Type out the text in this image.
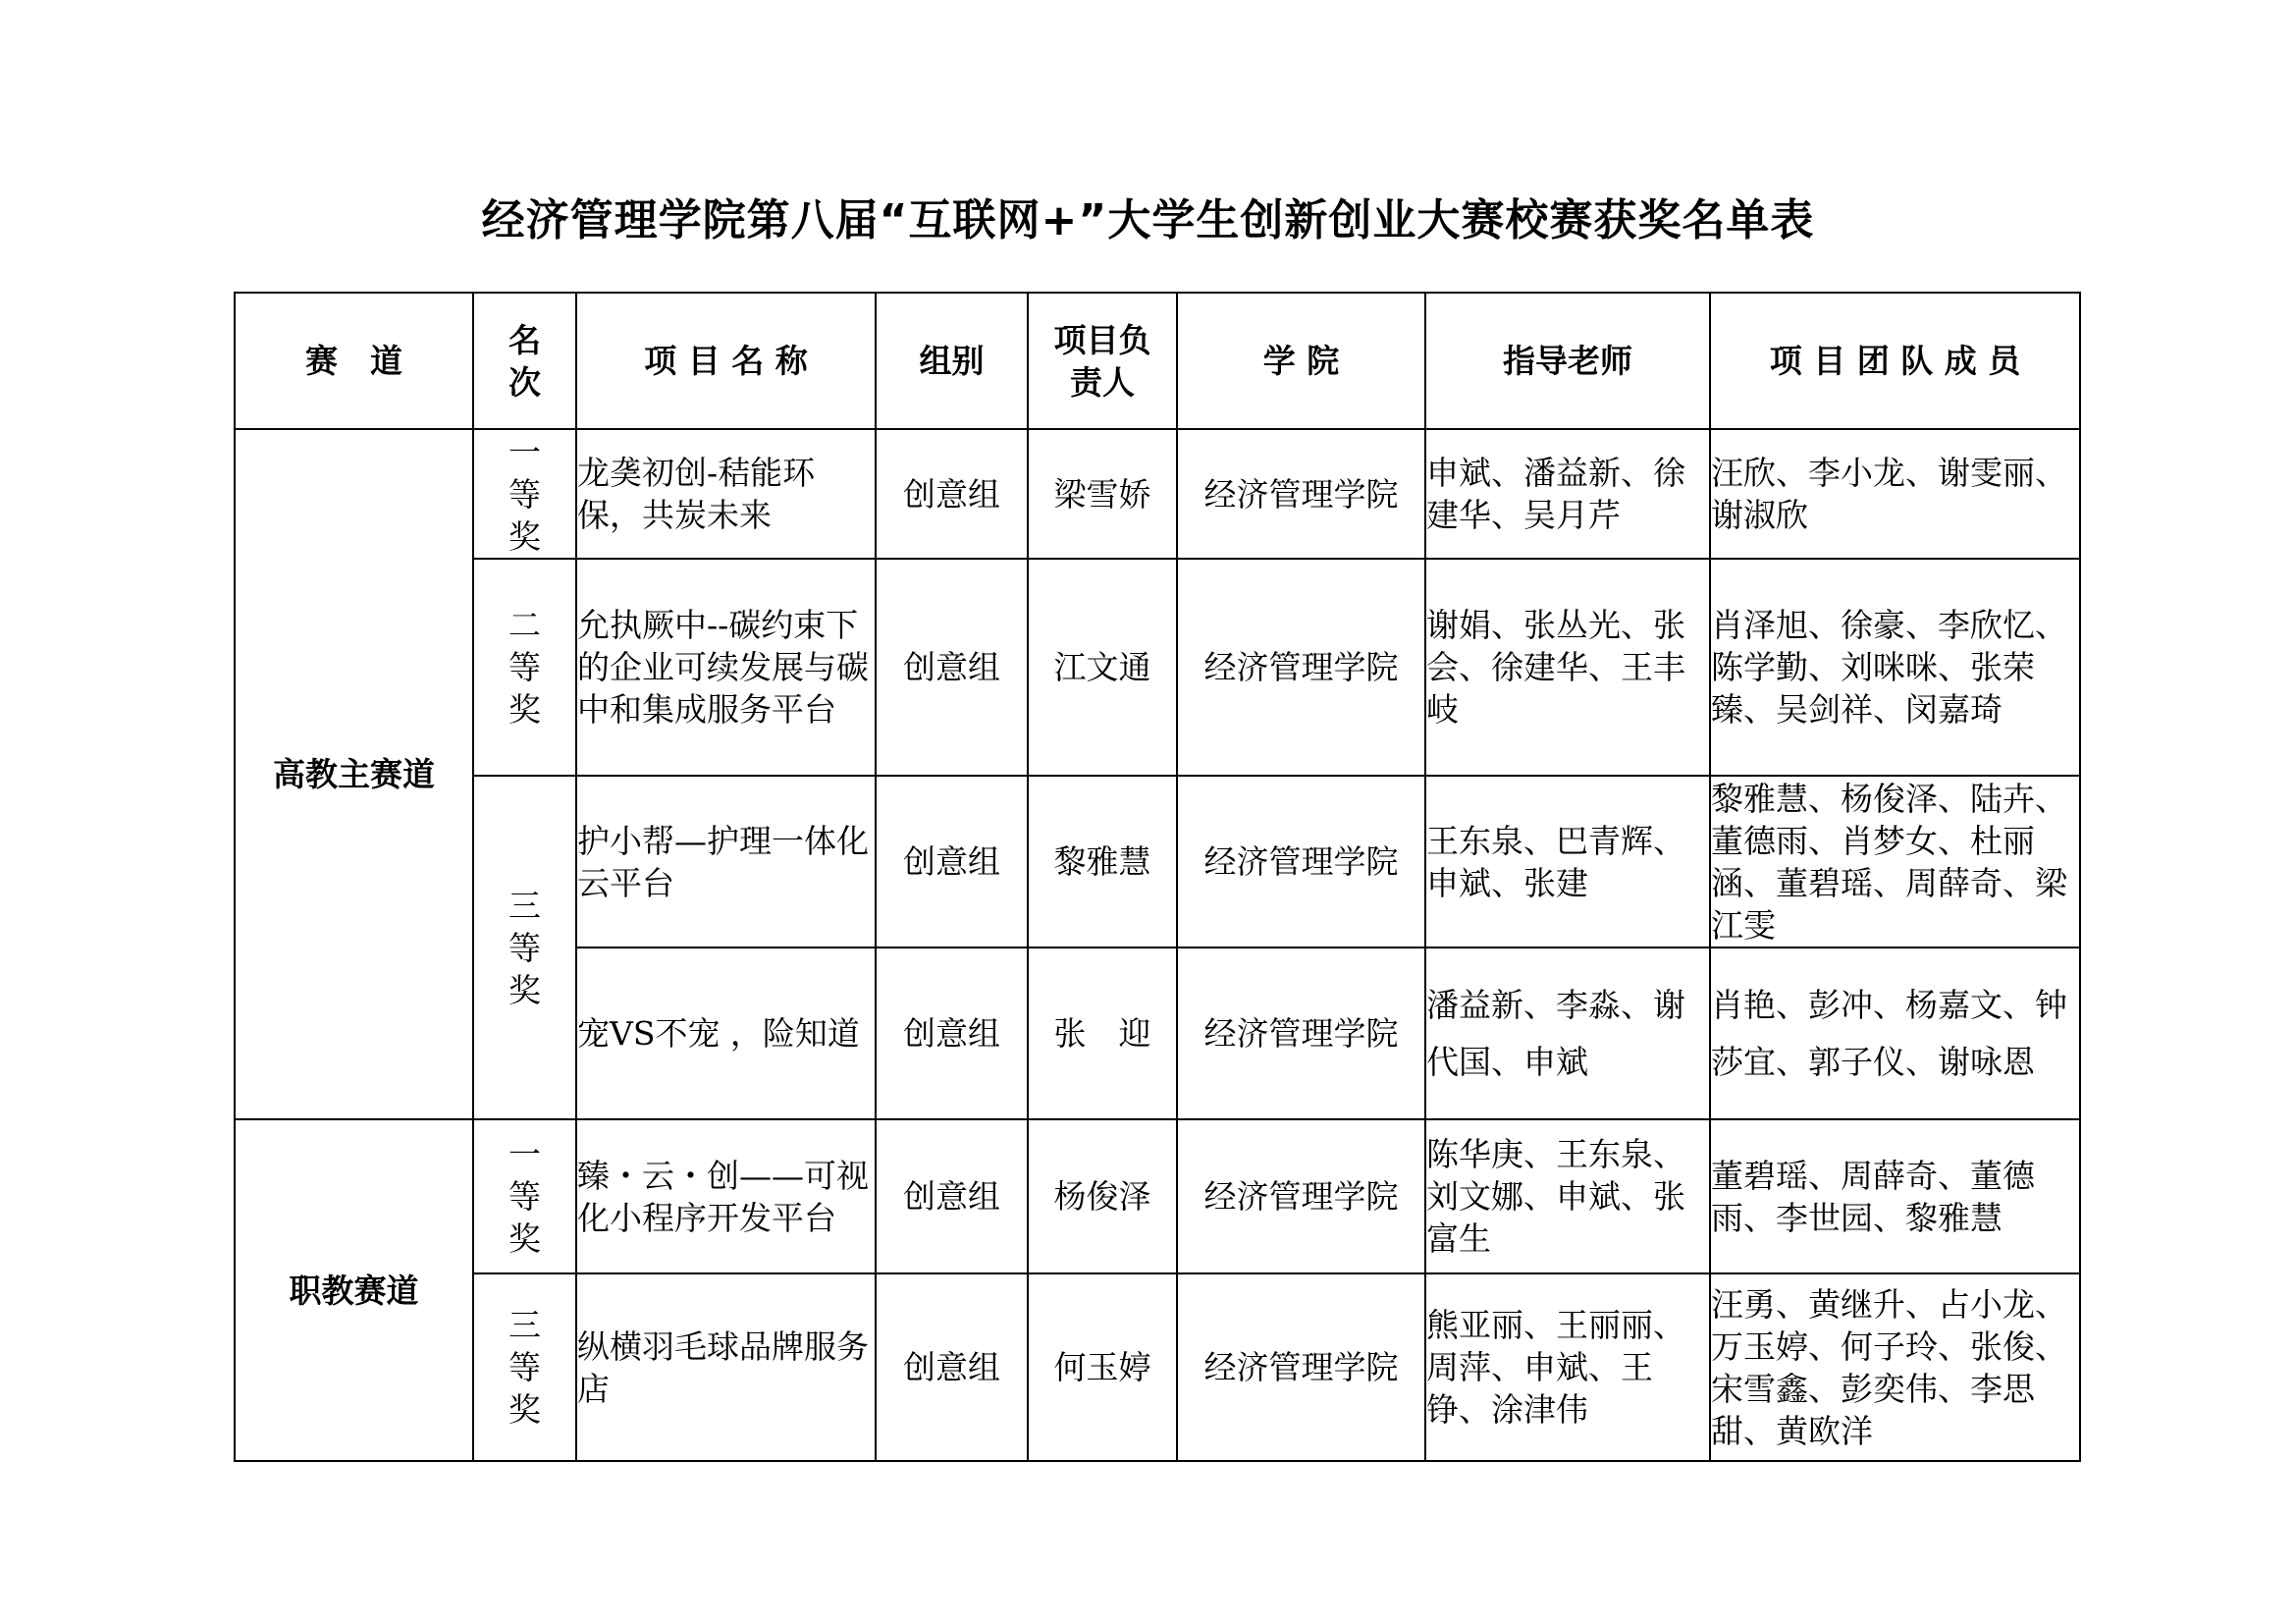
经济管理学院第八届“互联网+”大学生创新创业大赛校赛获奖名单表
赛　道	名次	项 目 名 称	组别	项目负责人	学 院	指导老师	项 目 团 队 成 员
高教主赛道	一等奖	龙䶮初创-秸能环保，共炭未来	创意组	梁雪娇	经济管理学院	申斌、潘益新、徐建华、吴月芹	汪欣、李小龙、谢雯丽、谢淑欣
	二等奖	允执厥中--碳约束下的企业可续发展与碳中和集成服务平台	创意组	江文通	经济管理学院	谢娟、张丛光、张会、徐建华、王丰岐	肖泽旭、徐豪、李欣忆、陈学勤、刘咪咪、张荣臻、吴剑祥、闵嘉琦
	三等奖	护小帮—护理一体化云平台	创意组	黎雅慧	经济管理学院	王东泉、巴青辉、申斌、张建	黎雅慧、杨俊泽、陆卉、董德雨、肖梦女、杜丽涵、董碧瑶、周薛奇、梁江雯
		宠VS不宠 ，险知道	创意组	张　迎	经济管理学院	潘益新、李淼、谢代国、申斌	肖艳、彭冲、杨嘉文、钟莎宜、郭子仪、谢咏恩
职教赛道	一等奖	臻・云・创——可视化小程序开发平台	创意组	杨俊泽	经济管理学院	陈华庚、王东泉、刘文娜、申斌、张富生	董碧瑶、周薛奇、董德雨、李世园、黎雅慧
	三等奖	纵横羽毛球品牌服务店	创意组	何玉婷	经济管理学院	熊亚丽、王丽丽、周萍、申斌、王铮、涂津伟	汪勇、黄继升、占小龙、万玉婷、何子玲、张俊、宋雪鑫、彭奕伟、李思甜、黄欧洋
